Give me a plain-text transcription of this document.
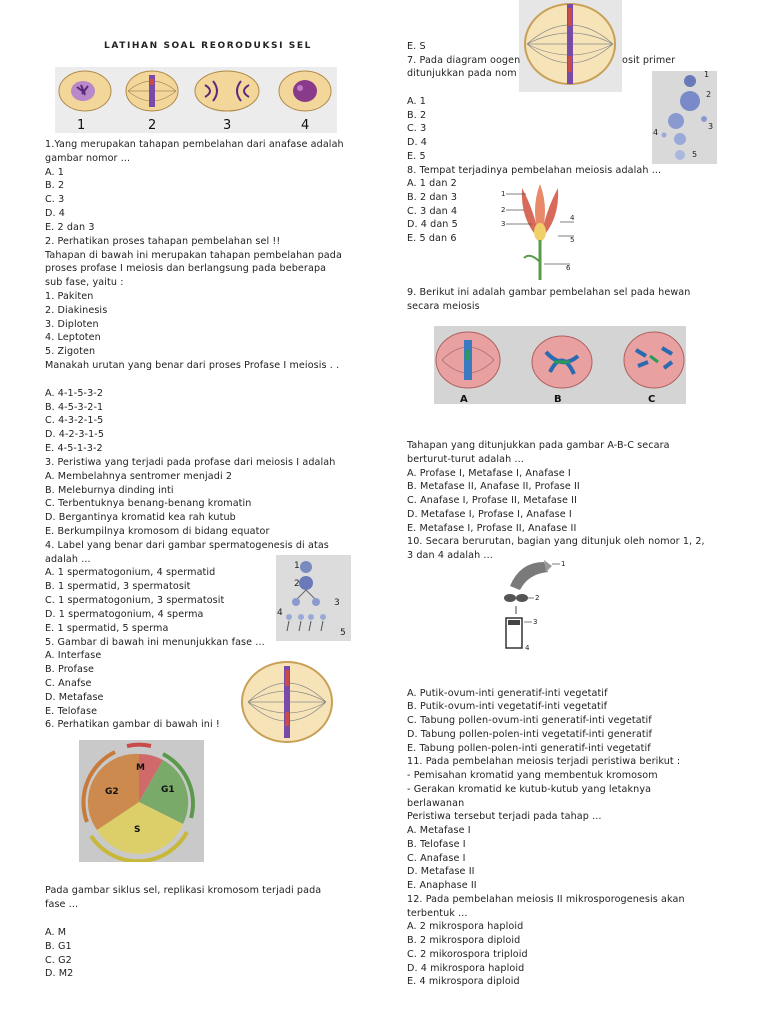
LATIHAN SOAL REORODUKSI SEL
1	2	3	4
1.Yang merupakan tahapan pembelahan dari anafase adalah
gambar nomor ...
A. 1
B. 2
C. 3
D. 4
E. 2 dan 3
2. Perhatikan proses tahapan pembelahan sel !!
Tahapan di bawah ini merupakan tahapan pembelahan pada
proses profase I meiosis dan berlangsung pada beberapa
sub fase, yaitu :
1. Pakiten
2. Diakinesis
3. Diploten
4. Leptoten
5. Zigoten
Manakah urutan yang benar dari proses Profase I meiosis . .
A. 4-1-5-3-2
B. 4-5-3-2-1
C. 4-3-2-1-5
D. 4-2-3-1-5
E. 4-5-1-3-2
3. Peristiwa yang terjadi pada profase dari meiosis I adalah
A. Membelahnya sentromer menjadi 2
B. Meleburnya dinding inti
C. Terbentuknya benang-benang kromatin
D. Bergantinya kromatid kea rah kutub
E. Berkumpilnya kromosom di bidang equator
4. Label yang benar dari gambar spermatogenesis di atas
adalah ...
A. 1 spermatogonium, 4 spermatid
B. 1 spermatid, 3 spermatosit
C. 1 spermatogonium, 3 spermatosit
D. 1 spermatogonium, 4 sperma
E. 1 spermatid, 5 sperma
5. Gambar di bawah ini menunjukkan fase ...
A. Interfase
B. Profase
C. Anafse
D. Metafase
E. Telofase
6. Perhatikan gambar di bawah ini !
1
2
3
4
5
M
G1
S
G2
Pada gambar siklus sel, replikasi kromosom terjadi pada
fase ...
A. M
B. G1
C. G2
D. M2
E. S
7. Pada diagram oogen
ditunjukkan pada nom
A. 1
B. 2
C. 3
D. 4
E. 5
8. Tempat terjadinya pembelahan meiosis adalah ...
A. 1 dan 2
B. 2 dan 3
C. 3 dan 4
D. 4 dan 5
E. 5 dan 6
osit primer
1
2
3
4
5
1
2
3
4
5
6
9. Berikut ini adalah gambar pembelahan sel pada hewan
secara meiosis
A	B	C
Tahapan yang ditunjukkan pada gambar A-B-C secara
berturut-turut adalah ...
A. Profase I, Metafase I, Anafase I
B. Metafase II, Anafase II, Profase II
C. Anafase I, Profase II, Metafase II
D. Metafase I, Profase I, Anafase I
E. Metafase I, Profase II, Anafase II
10. Secara berurutan, bagian yang ditunjuk oleh nomor 1, 2,
3 dan 4 adalah ...
A. Putik-ovum-inti generatif-inti vegetatif
B. Putik-ovum-inti vegetatif-inti vegetatif
C. Tabung pollen-ovum-inti generatif-inti vegetatif
D. Tabung pollen-polen-inti vegetatif-inti generatif
E. Tabung pollen-polen-inti generatif-inti vegetatif
11. Pada pembelahan meiosis terjadi peristiwa berikut :
- Pemisahan kromatid yang membentuk kromosom
- Gerakan kromatid ke kutub-kutub yang letaknya
berlawanan
Peristiwa tersebut terjadi pada tahap ...
A. Metafase I
B. Telofase I
C. Anafase I
D. Metafase II
E. Anaphase II
12. Pada pembelahan meiosis II mikrosporogenesis akan
terbentuk ...
A. 2 mikrospora haploid
B. 2 mikrospora diploid
C. 2 mikorospora triploid
D. 4 mikrospora haploid
E. 4 mikrospora diploid
1
2
3
4
